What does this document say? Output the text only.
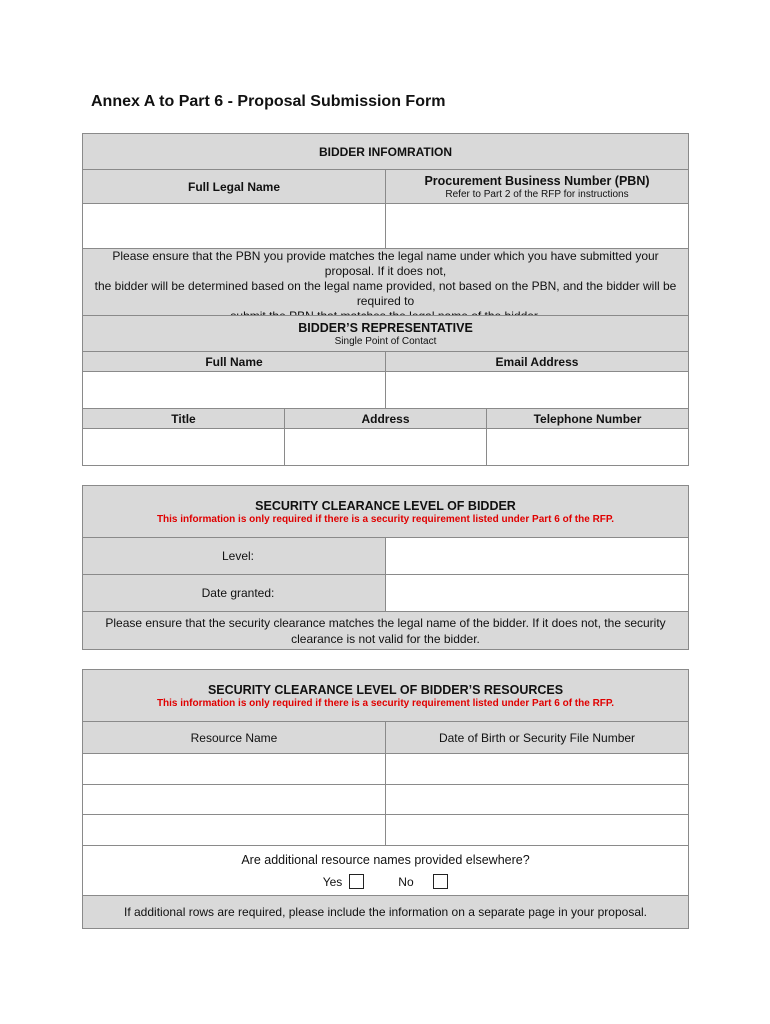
Annex A to Part 6 - Proposal Submission Form
BIDDER INFOMRATION	
Full Legal Name	Procurement Business Number (PBN)
Refer to Part 2 of the RFP for instructions

Please ensure that the PBN you provide matches the legal name under which you have submitted your proposal. If it does not,
the bidder will be determined based on the legal name provided, not based on the PBN, and the bidder will be required to	
BIDDER’S REPRESENTATIVE
Single Point of Contact			

Full Name		Email Address	

Title	Address		Telephone Number

SECURITY CLEARANCE LEVEL OF BIDDER
This information is only required if there is a security requirement listed under Part 6 of the RFP.	

Level:	
Date granted:	

Please ensure that the security clearance matches the legal name of the bidder. If it does not, the security
clearance is not valid for the bidder.	
SECURITY CLEARANCE LEVEL OF BIDDER’S RESOURCES
This information is only required if there is a security requirement listed under Part 6 of the RFP.	

Resource Name	Date of Birth or Security File Number

Are additional resource names provided elsewhere?
Yes No	

If additional rows are required, please include the information on a separate page in your proposal.	
